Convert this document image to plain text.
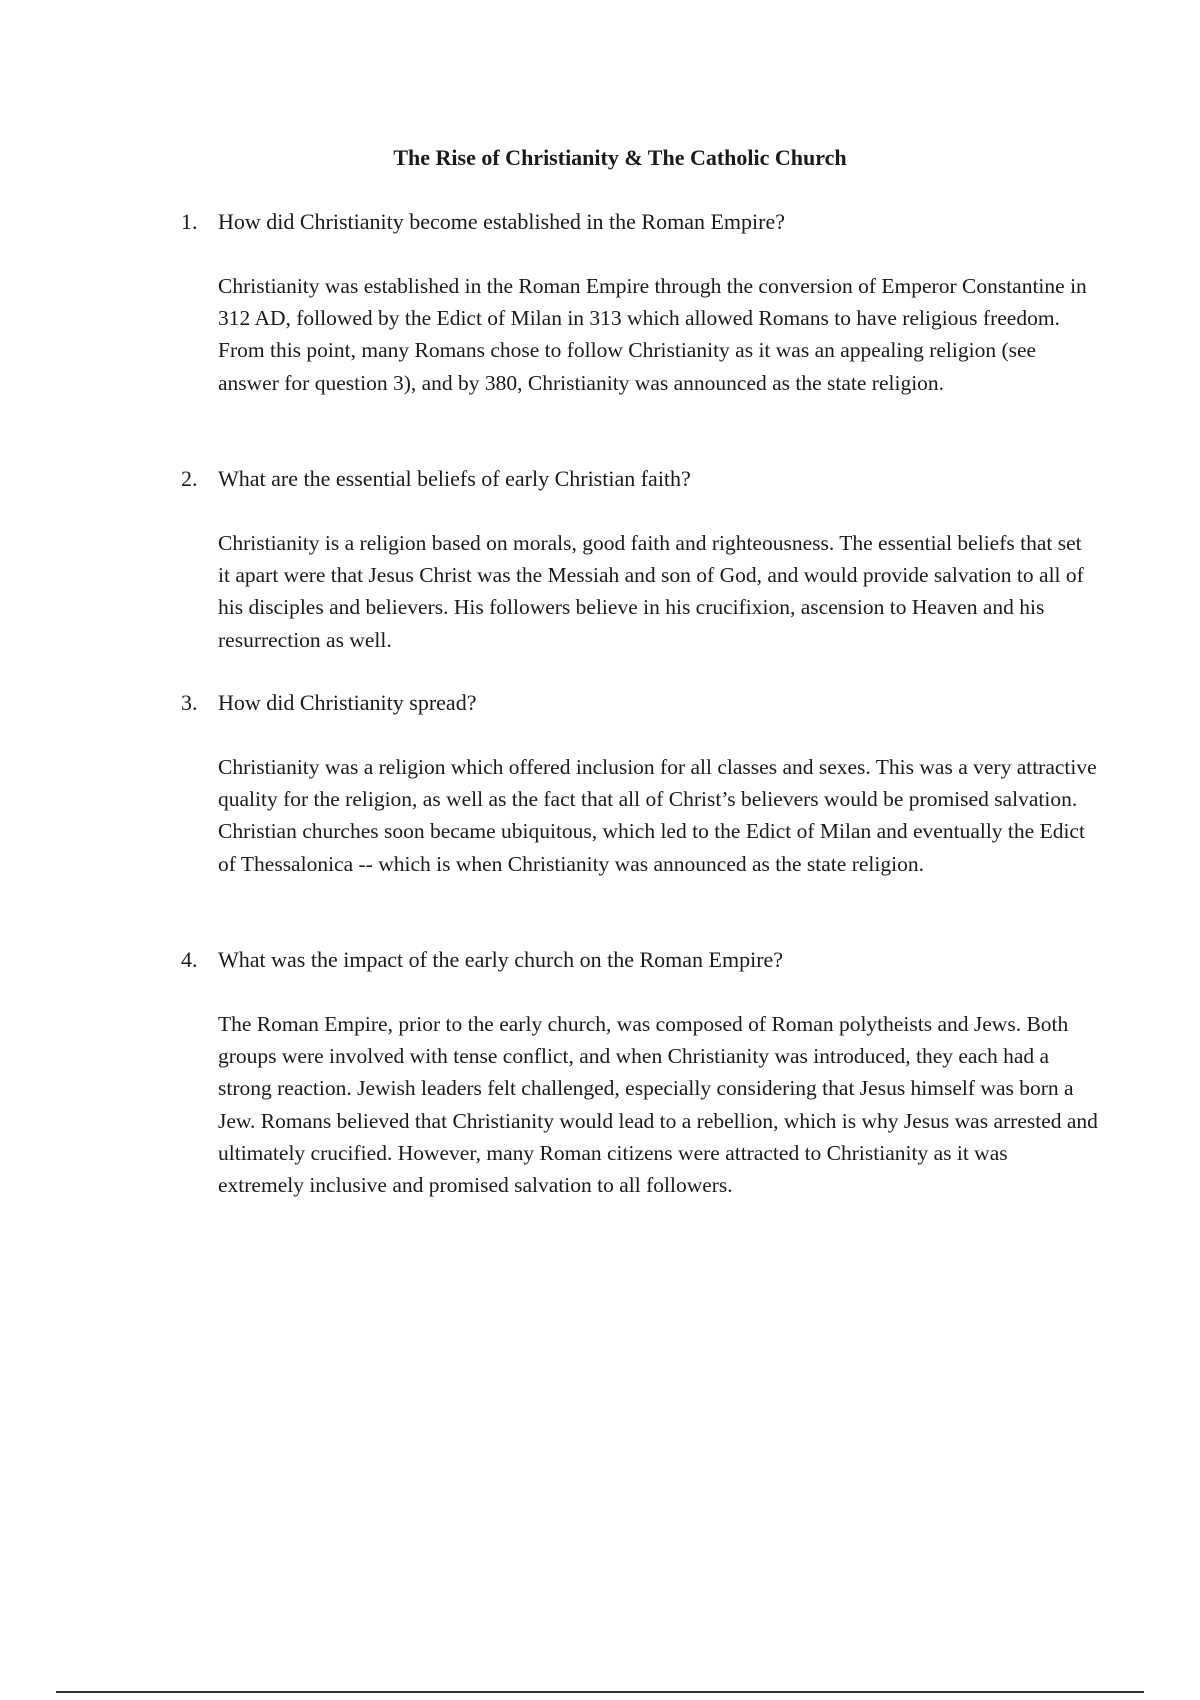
The Rise of Christianity & The Catholic Church
1. How did Christianity become established in the Roman Empire?

Christianity was established in the Roman Empire through the conversion of Emperor Constantine in 312 AD, followed by the Edict of Milan in 313 which allowed Romans to have religious freedom. From this point, many Romans chose to follow Christianity as it was an appealing religion (see answer for question 3), and by 380, Christianity was announced as the state religion.

2. What are the essential beliefs of early Christian faith?

Christianity is a religion based on morals, good faith and righteousness. The essential beliefs that set it apart were that Jesus Christ was the Messiah and son of God, and would provide salvation to all of his disciples and believers. His followers believe in his crucifixion, ascension to Heaven and his resurrection as well.

3. How did Christianity spread?

Christianity was a religion which offered inclusion for all classes and sexes. This was a very attractive quality for the religion, as well as the fact that all of Christ’s believers would be promised salvation. Christian churches soon became ubiquitous, which led to the Edict of Milan and eventually the Edict of Thessalonica -- which is when Christianity was announced as the state religion.

4. What was the impact of the early church on the Roman Empire?

The Roman Empire, prior to the early church, was composed of Roman polytheists and Jews. Both groups were involved with tense conflict, and when Christianity was introduced, they each had a strong reaction. Jewish leaders felt challenged, especially considering that Jesus himself was born a Jew. Romans believed that Christianity would lead to a rebellion, which is why Jesus was arrested and ultimately crucified. However, many Roman citizens were attracted to Christianity as it was extremely inclusive and promised salvation to all followers.
